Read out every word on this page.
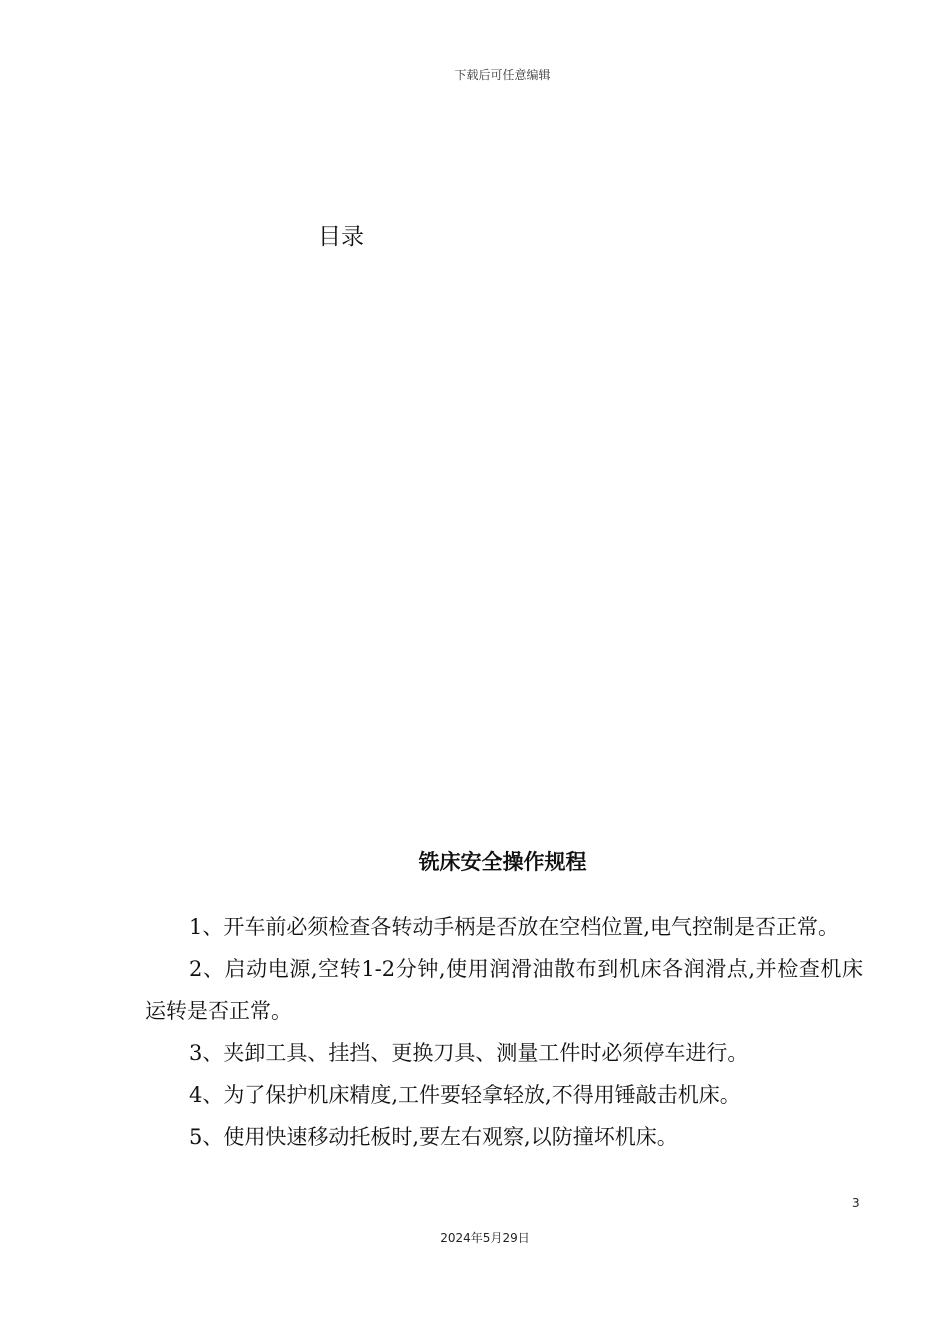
下载后可任意编辑
目录
铣床安全操作规程

1、开车前必须检查各转动手柄是否放在空档位置,电气控制是否正常。

2、启动电源,空转1-2分钟,使用润滑油散布到机床各润滑点,并检查机床运转是否正常。

3、夹卸工具、挂挡、更换刀具、测量工件时必须停车进行。

4、为了保护机床精度,工件要轻拿轻放,不得用锤敲击机床。

5、使用快速移动托板时,要左右观察,以防撞坏机床。

3
2024年5月29日
